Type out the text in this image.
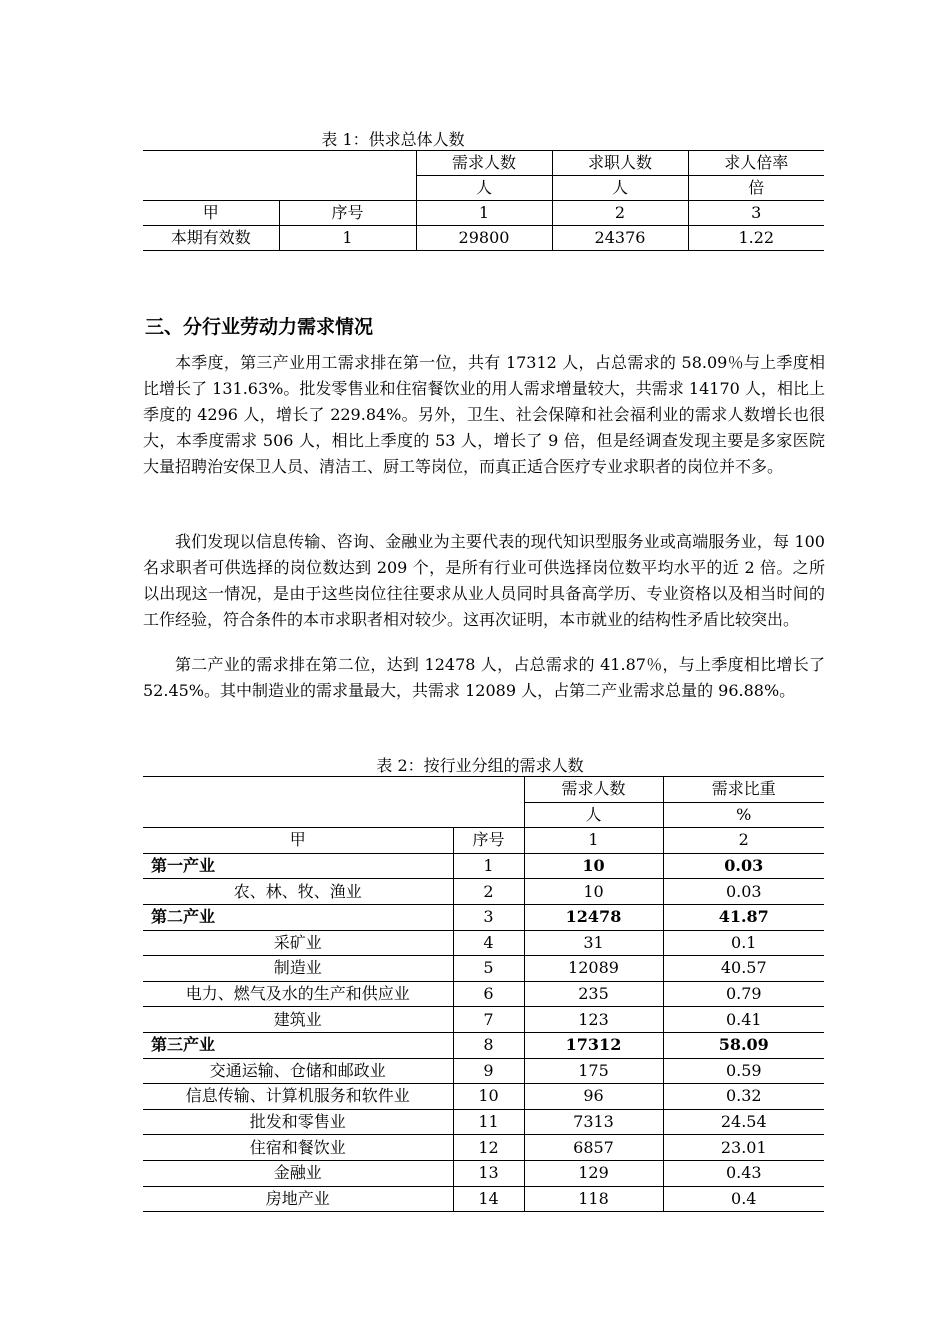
表 1：供求总体人数
		需求人数	求职人数	求人倍率
		人	人	倍
甲	序号	1	2	3
本期有效数	1	29800	24376	1.22
三、分行业劳动力需求情况

本季度，第三产业用工需求排在第一位，共有 17312 人，占总需求的 58.09％与上季度相比增长了 131.63%。批发零售业和住宿餐饮业的用人需求增量较大，共需求 14170 人，相比上季度的 4296 人，增长了 229.84%。另外，卫生、社会保障和社会福利业的需求人数增长也很大，本季度需求 506 人，相比上季度的 53 人，增长了 9 倍，但是经调查发现主要是多家医院大量招聘治安保卫人员、清洁工、厨工等岗位，而真正适合医疗专业求职者的岗位并不多。

我们发现以信息传输、咨询、金融业为主要代表的现代知识型服务业或高端服务业，每 100 名求职者可供选择的岗位数达到 209 个，是所有行业可供选择岗位数平均水平的近 2 倍。之所以出现这一情况，是由于这些岗位往往要求从业人员同时具备高学历、专业资格以及相当时间的工作经验，符合条件的本市求职者相对较少。这再次证明，本市就业的结构性矛盾比较突出。

第二产业的需求排在第二位，达到 12478 人，占总需求的 41.87％，与上季度相比增长了 52.45%。其中制造业的需求量最大，共需求 12089 人，占第二产业需求总量的 96.88%。

表 2：按行业分组的需求人数
		需求人数	需求比重
		人	%
甲	序号	1	2
第一产业	1	10	0.03
农、林、牧、渔业	2	10	0.03
第二产业	3	12478	41.87
采矿业	4	31	0.1
制造业	5	12089	40.57
电力、燃气及水的生产和供应业	6	235	0.79
建筑业	7	123	0.41
第三产业	8	17312	58.09
交通运输、仓储和邮政业	9	175	0.59
信息传输、计算机服务和软件业	10	96	0.32
批发和零售业	11	7313	24.54
住宿和餐饮业	12	6857	23.01
金融业	13	129	0.43
房地产业	14	118	0.4
